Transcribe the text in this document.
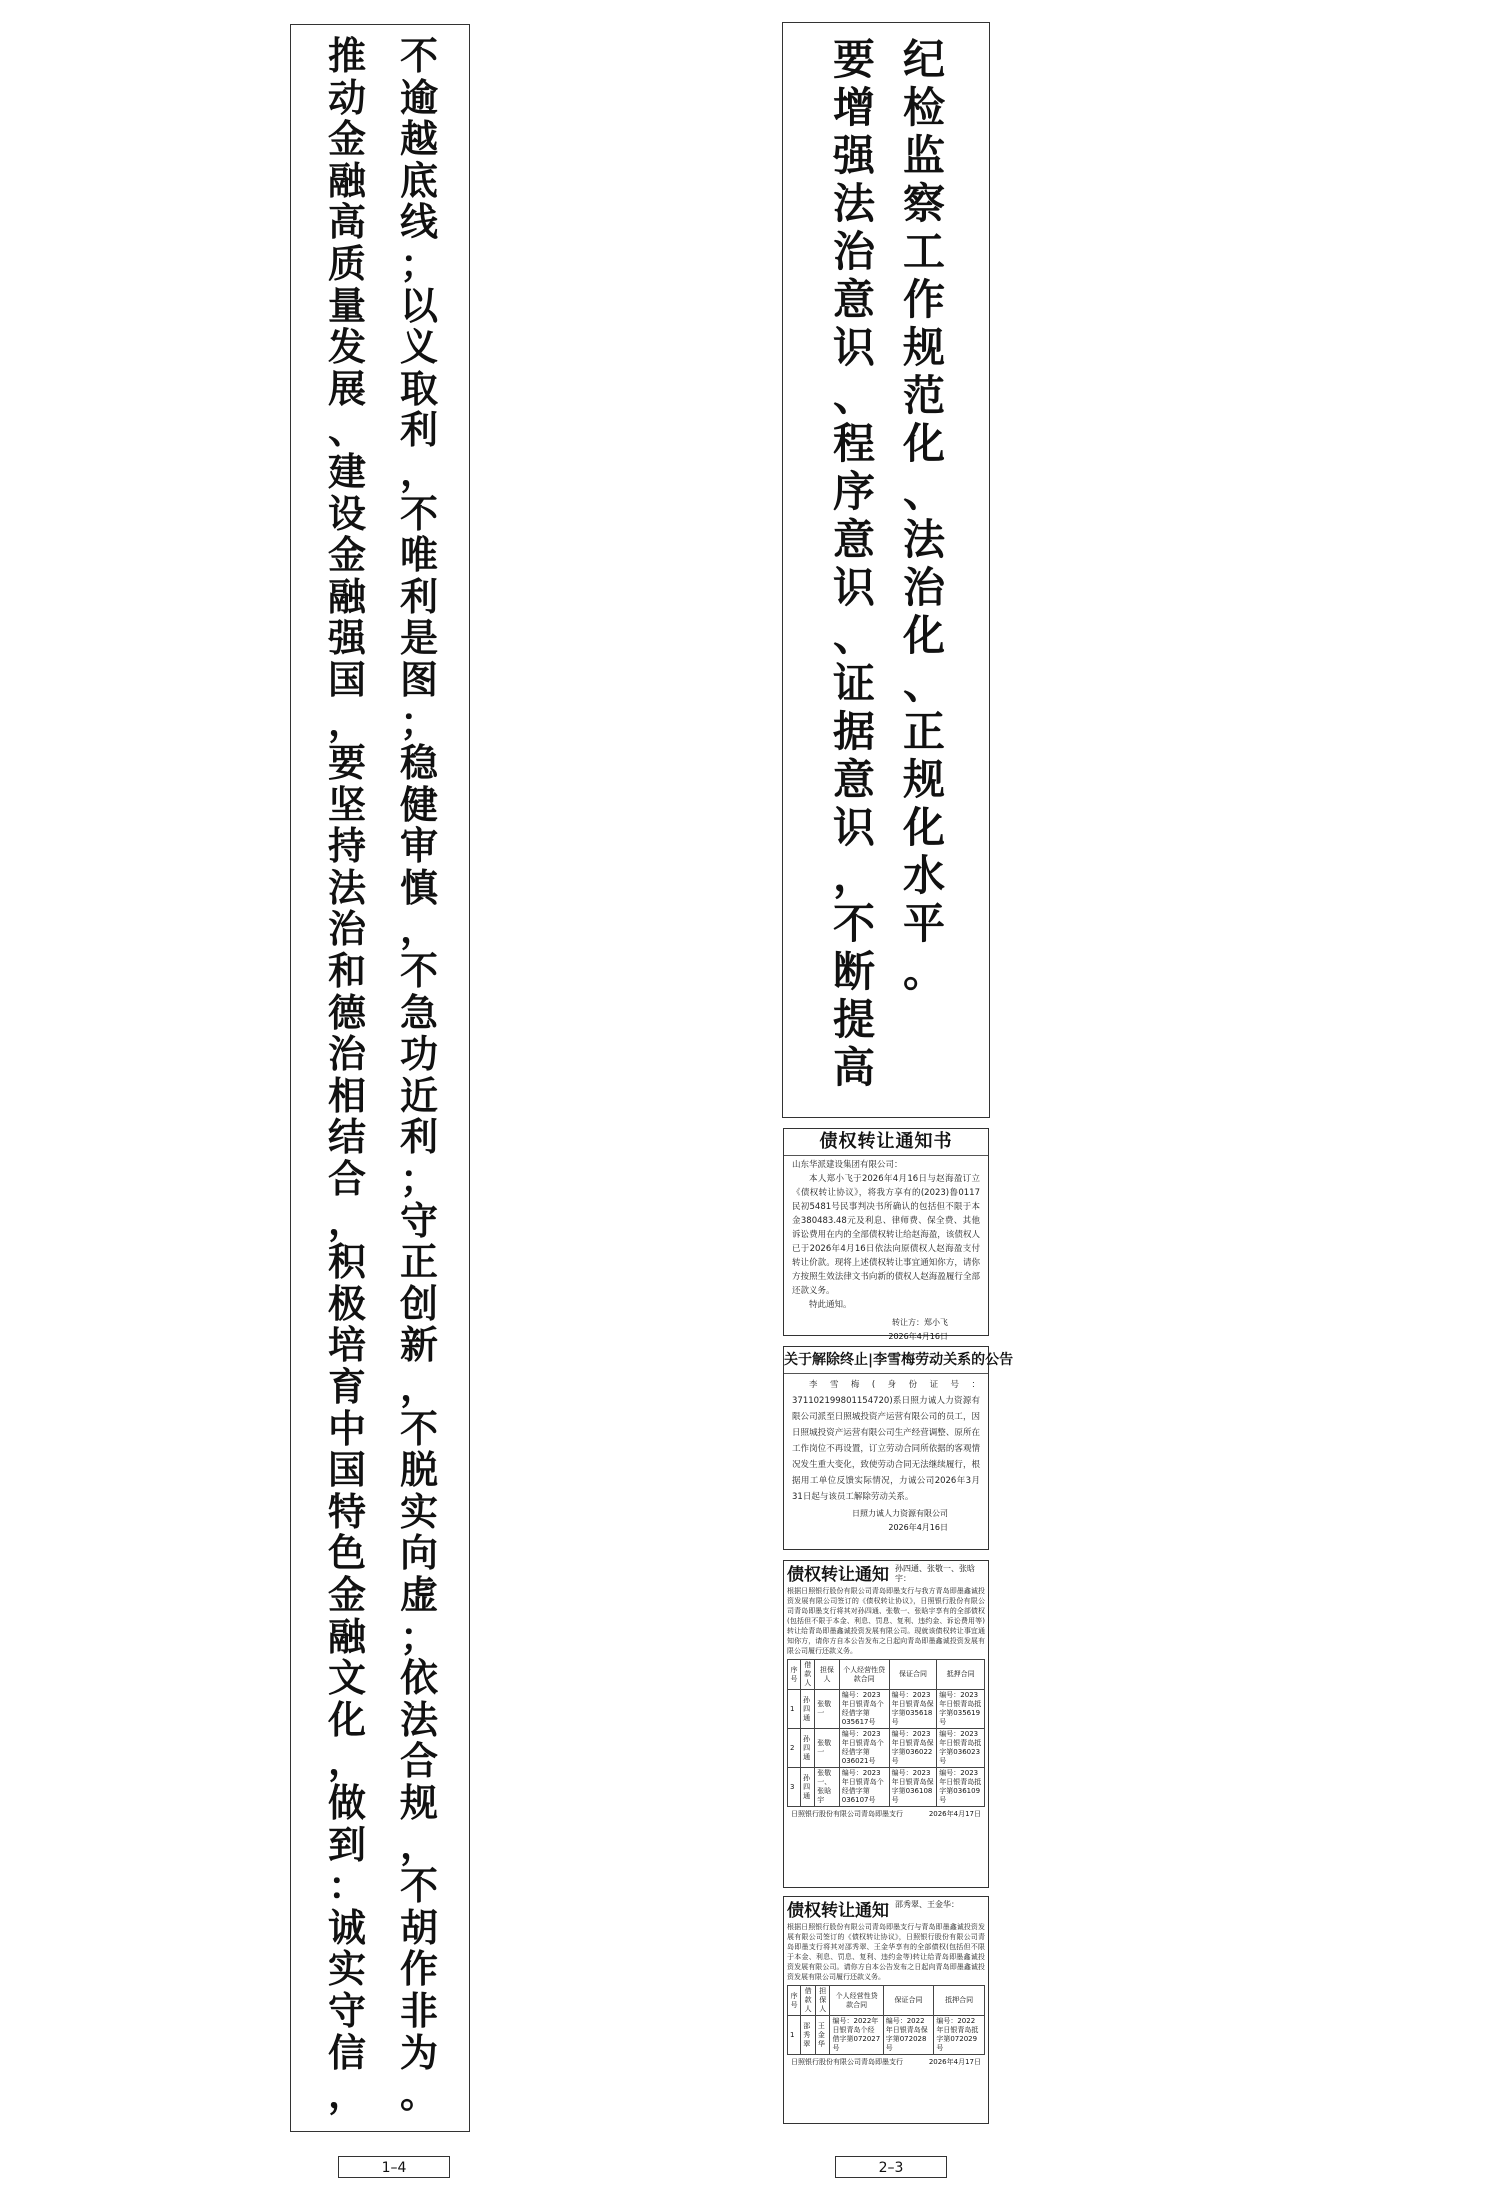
不
逾
越
底
线
；
以
义
取
利
，
不
唯
利
是
图
；
稳
健
审
慎
，
不
急
功
近
利
；
守
正
创
新
，
不
脱
实
向
虚
；
依
法
合
规
，
不
胡
作
非
为
。
推
动
金
融
高
质
量
发
展
、
建
设
金
融
强
国
，
要
坚
持
法
治
和
德
治
相
结
合
，
积
极
培
育
中
国
特
色
金
融
文
化
，
做
到
：
诚
实
守
信
，
1–4
纪
检
监
察
工
作
规
范
化
、
法
治
化
、
正
规
化
水
平
。
要
增
强
法
治
意
识
、
程
序
意
识
、
证
据
意
识
，
不
断
提
高
债权转让通知书

山东华派建设集团有限公司：

本人郑小飞于2026年4月16日与赵海盈订立《债权转让协议》，将我方享有的(2023)鲁0117民初5481号民事判决书所确认的包括但不限于本金380483.48元及利息、律师费、保全费、其他诉讼费用在内的全部债权转让给赵海盈，该债权人已于2026年4月16日依法向原债权人赵海盈支付转让价款。现将上述债权转让事宜通知你方，请你方按照生效法律文书向新的债权人赵海盈履行全部还款义务。

特此通知。

转让方：郑小飞
2026年4月16日
关于解除终止|李雪梅劳动关系的公告

李雪梅(身份证号：371102199801154720)系日照力诚人力资源有限公司派至日照城投资产运营有限公司的员工，因日照城投资产运营有限公司生产经营调整、原所在工作岗位不再设置，订立劳动合同所依据的客观情况发生重大变化，致使劳动合同无法继续履行，根据用工单位反馈实际情况，力诚公司2026年3月31日起与该员工解除劳动关系。

日照力诚人力资源有限公司
2026年4月16日
债权转让通知 孙四通、张敬一、张晗宇：

根据日照银行股份有限公司青岛即墨支行与我方青岛即墨鑫诚投资发展有限公司签订的《债权转让协议》，日照银行股份有限公司青岛即墨支行将其对孙四通、张敬一、张晗宇享有的全部债权(包括但不限于本金、利息、罚息、复利、违约金、诉讼费用等)转让给青岛即墨鑫诚投资发展有限公司。现就该债权转让事宜通知你方，请你方自本公告发布之日起向青岛即墨鑫诚投资发展有限公司履行还款义务。

序号	借款人	担保人	个人经营性贷款合同	保证合同	抵押合同
1	孙四通	张敬一	编号：2023年日银青岛个经借字第035617号	编号：2023年日银青岛保字第035618号	编号：2023年日银青岛抵字第035619号
2	孙四通	张敬一	编号：2023年日银青岛个经借字第036021号	编号：2023年日银青岛保字第036022号	编号：2023年日银青岛抵字第036023号
3	孙四通	张敬一、张晗宇	编号：2023年日银青岛个经借字第036107号	编号：2023年日银青岛保字第036108号	编号：2023年日银青岛抵字第036109号
日照银行股份有限公司青岛即墨支行	2026年4月17日
债权转让通知 邵秀翠、王金华：

根据日照银行股份有限公司青岛即墨支行与青岛即墨鑫诚投资发展有限公司签订的《债权转让协议》，日照银行股份有限公司青岛即墨支行将其对邵秀翠、王金华享有的全部债权(包括但不限于本金、利息、罚息、复利、违约金等)转让给青岛即墨鑫诚投资发展有限公司。请你方自本公告发布之日起向青岛即墨鑫诚投资发展有限公司履行还款义务。

序号	借款人	担保人	个人经营性贷款合同	保证合同	抵押合同
1	邵秀翠	王金华	编号：2022年日银青岛个经借字第072027号	编号：2022年日银青岛保字第072028号	编号：2022年日银青岛抵字第072029号
日照银行股份有限公司青岛即墨支行	2026年4月17日
2–3
